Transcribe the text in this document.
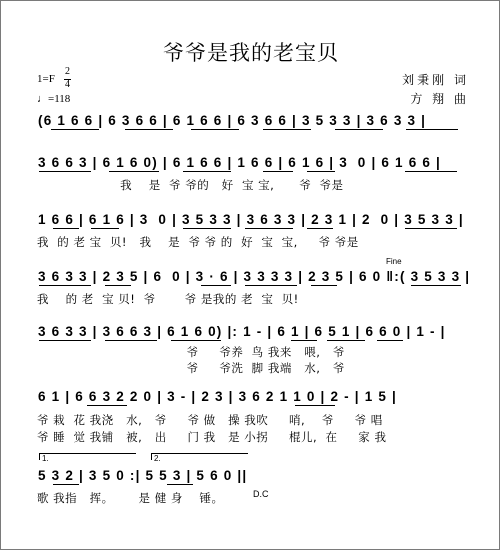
爷爷是我的老宝贝
1=F
2
4
♩=118
刘秉刚 词
方 翔 曲
(6 1 6 6 | 6 3 6 6 | 6 1 6 6 | 6 3 6 6 | 3 5 3 3 | 3 6 3 3 |
3 6 6 3 | 6 1 6 0) | 6 1 6 6 | 1 6 6 | 6 1 6 | 3  0 | 6 1 6 6 |
我    是  爷 爷的   好  宝 宝,      爷  爷是
1 6 6 | 6 1 6 | 3  0 | 3 5 3 3 | 3 6 3 3 | 2 3 1 | 2  0 | 3 5 3 3 |
我  的 老 宝  贝!   我    是  爷 爷 的  好  宝  宝,     爷 爷是
Fine
3 6 3 3 | 2 3 5 | 6  0 | 3 · 6 | 3 3 3 3 | 2 3 5 | 6 0 ‖:( 3 5 3 3 |
我    的 老  宝 贝!  爷       爷 是我的 老  宝  贝!
3 6 3 3 | 3 6 6 3 | 6 1 6 0) |: 1 - | 6 1 | 6 5 1 | 6 6 0 | 1 - |
爷     爷养  鸟 我来   喂,   爷
爷     爷洗  脚 我端   水,   爷
6 1 | 6 6 3 2 2 0 | 3 - | 2 3 | 3 6 2 1 1 0 | 2 - | 1 5 |
爷 栽  花 我浇   水,   爷     爷 做   操 我吹     哨,    爷     爷 唱
爷 睡  觉 我铺   被,   出     门 我   是 小拐     棍儿,  在     家 我
1.	2.
5 3 2 | 3 5 0 :| 5 5 3 | 5 6 0 ||
歌 我指   挥。      是 健 身    锤。	D.C
